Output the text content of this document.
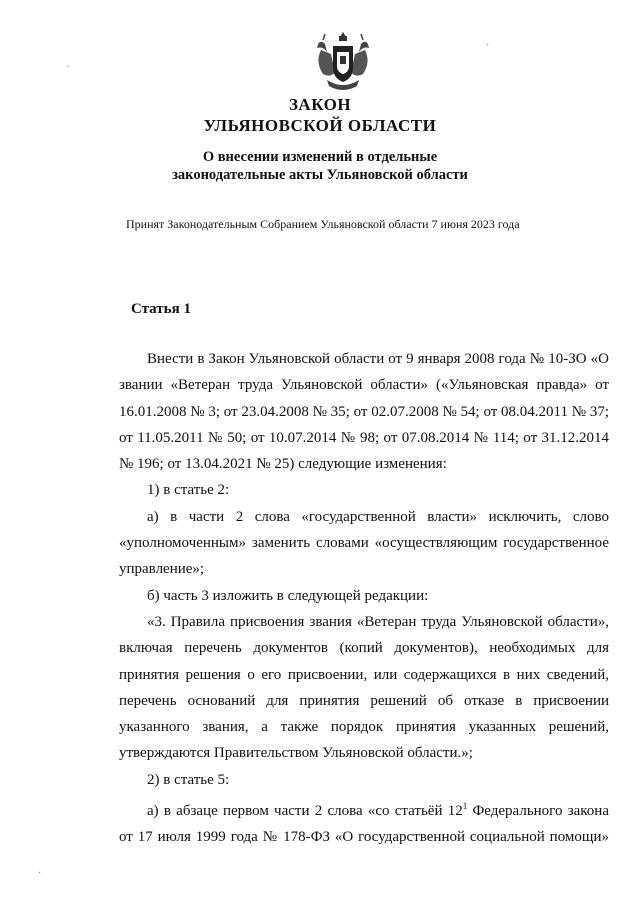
ЗАКОН
УЛЬЯНОВСКОЙ ОБЛАСТИ
О внесении изменений в отдельные
законодательные акты Ульяновской области
Принят Законодательным Собранием Ульяновской области 7 июня 2023 года
Статья 1

Внести в Закон Ульяновской области от 9 января 2008 года № 10-ЗО «О звании «Ветеран труда Ульяновской области» («Ульяновская правда» от 16.01.2008 № 3; от 23.04.2008 № 35; от 02.07.2008 № 54; от 08.04.2011 № 37; от 11.05.2011 № 50; от 10.07.2014 № 98; от 07.08.2014 № 114; от 31.12.2014 № 196; от 13.04.2021 № 25) следующие изменения:

1) в статье 2:

а) в части 2 слова «государственной власти» исключить, слово «уполномоченным» заменить словами «осуществляющим государственное управление»;

б) часть 3 изложить в следующей редакции:

«3. Правила присвоения звания «Ветеран труда Ульяновской области», включая перечень документов (копий документов), необходимых для принятия решения о его присвоении, или содержащихся в них сведений, перечень оснований для принятия решений об отказе в присвоении указанного звания, а также порядок принятия указанных решений, утверждаются Правительством Ульяновской области.»;

2) в статье 5:

а) в абзаце первом части 2 слова «со статьёй $12^1$ Федерального закона от 17 июля 1999 года № 178-ФЗ «О государственной социальной помощи»

·
·
·
